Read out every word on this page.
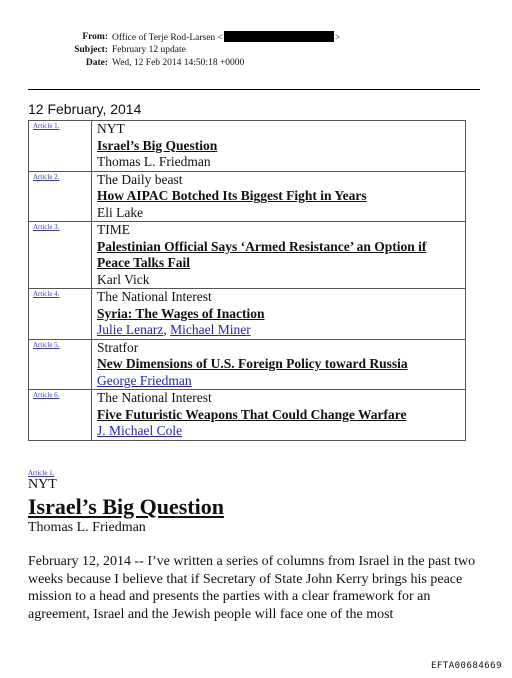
From: Office of Terje Rod-Larsen <	>
Subject: February 12 update
Date: Wed, 12 Feb 2014 14:50:18 +0000
12 February, 2014
Article 1.	NYT
Israel’s Big Question
Thomas L. Friedman

Article 2.	The Daily beast
How AIPAC Botched Its Biggest Fight in Years
Eli Lake

Article 3.	TIME
Palestinian Official Says ‘Armed Resistance’ an Option if Peace Talks Fail
Karl Vick

Article 4.	The National Interest
Syria: The Wages of Inaction
Julie Lenarz, Michael Miner

Article 5.	Stratfor
New Dimensions of U.S. Foreign Policy toward Russia
George Friedman

Article 6.	The National Interest
Five Futuristic Weapons That Could Change Warfare
J. Michael Cole
Article 1.
NYT
Israel’s Big Question
Thomas L. Friedman
February 12, 2014 -- I’ve written a series of columns from Israel in the past two weeks because I believe that if Secretary of State John Kerry brings his peace mission to a head and presents the parties with a clear framework for an agreement, Israel and the Jewish people will face one of the most
EFTA00684669
